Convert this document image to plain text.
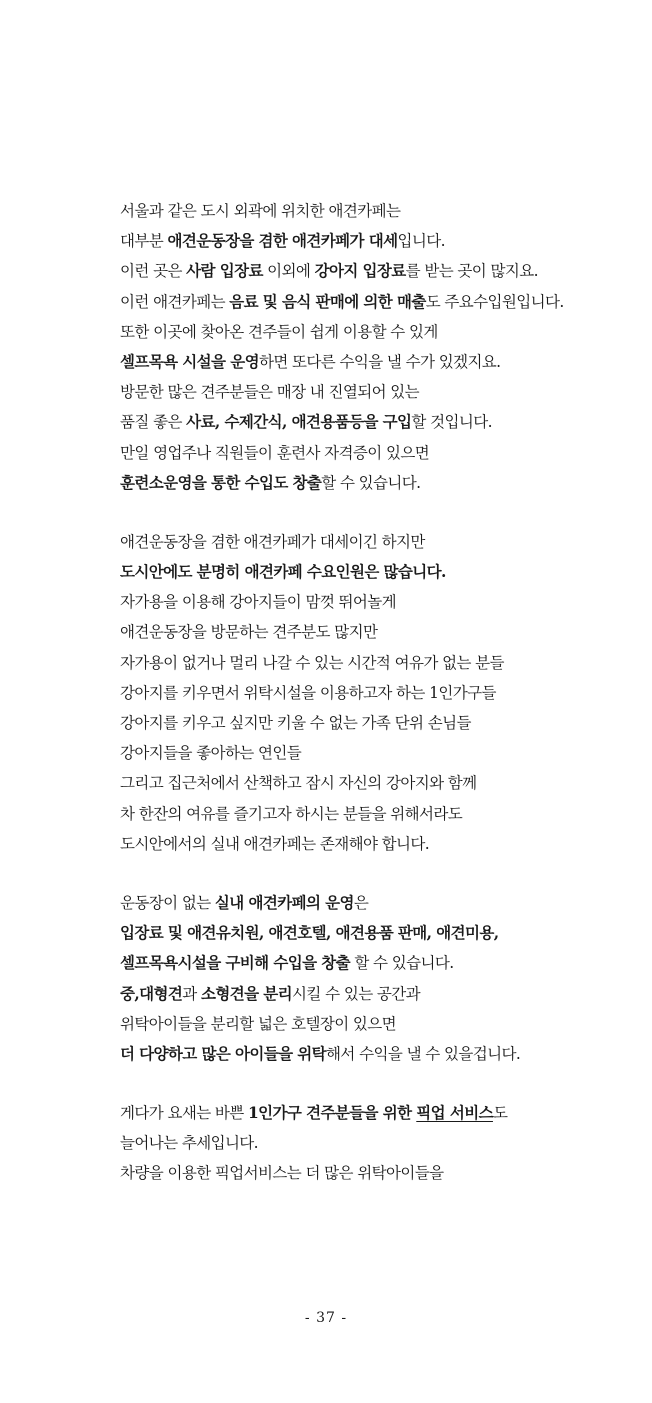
서울과 같은 도시 외곽에 위치한 애견카페는
대부분 애견운동장을 겸한 애견카페가 대세입니다.
이런 곳은 사람 입장료 이외에 강아지 입장료를 받는 곳이 많지요.
이런 애견카페는 음료 및 음식 판매에 의한 매출도 주요수입원입니다.
또한 이곳에 찾아온 견주들이 쉽게 이용할 수 있게
셀프목욕 시설을 운영하면 또다른 수익을 낼 수가 있겠지요.
방문한 많은 견주분들은 매장 내 진열되어 있는
품질 좋은 사료, 수제간식, 애견용품등을 구입할 것입니다.
만일 영업주나 직원들이 훈련사 자격증이 있으면
훈련소운영을 통한 수입도 창출할 수 있습니다.
애견운동장을 겸한 애견카페가 대세이긴 하지만
도시안에도 분명히 애견카페 수요인원은 많습니다.
자가용을 이용해 강아지들이 맘껏 뛰어놀게
애견운동장을 방문하는 견주분도 많지만
자가용이 없거나 멀리 나갈 수 있는 시간적 여유가 없는 분들
강아지를 키우면서 위탁시설을 이용하고자 하는 1인가구들
강아지를 키우고 싶지만 키울 수 없는 가족 단위 손님들
강아지들을 좋아하는 연인들
그리고 집근처에서 산책하고 잠시 자신의 강아지와 함께
차 한잔의 여유를 즐기고자 하시는 분들을 위해서라도
도시안에서의 실내 애견카페는 존재해야 합니다.
운동장이 없는 실내 애견카페의 운영은
입장료 및 애견유치원, 애견호텔, 애견용품 판매, 애견미용,
셀프목욕시설을 구비해 수입을 창출 할 수 있습니다.
중,대형견과 소형견을 분리시킬 수 있는 공간과
위탁아이들을 분리할 넓은 호텔장이 있으면
더 다양하고 많은 아이들을 위탁해서 수익을 낼 수 있을겁니다.
게다가 요새는 바쁜 1인가구 견주분들을 위한 픽업 서비스도
늘어나는 추세입니다.
차량을 이용한 픽업서비스는 더 많은 위탁아이들을
- 37 -
